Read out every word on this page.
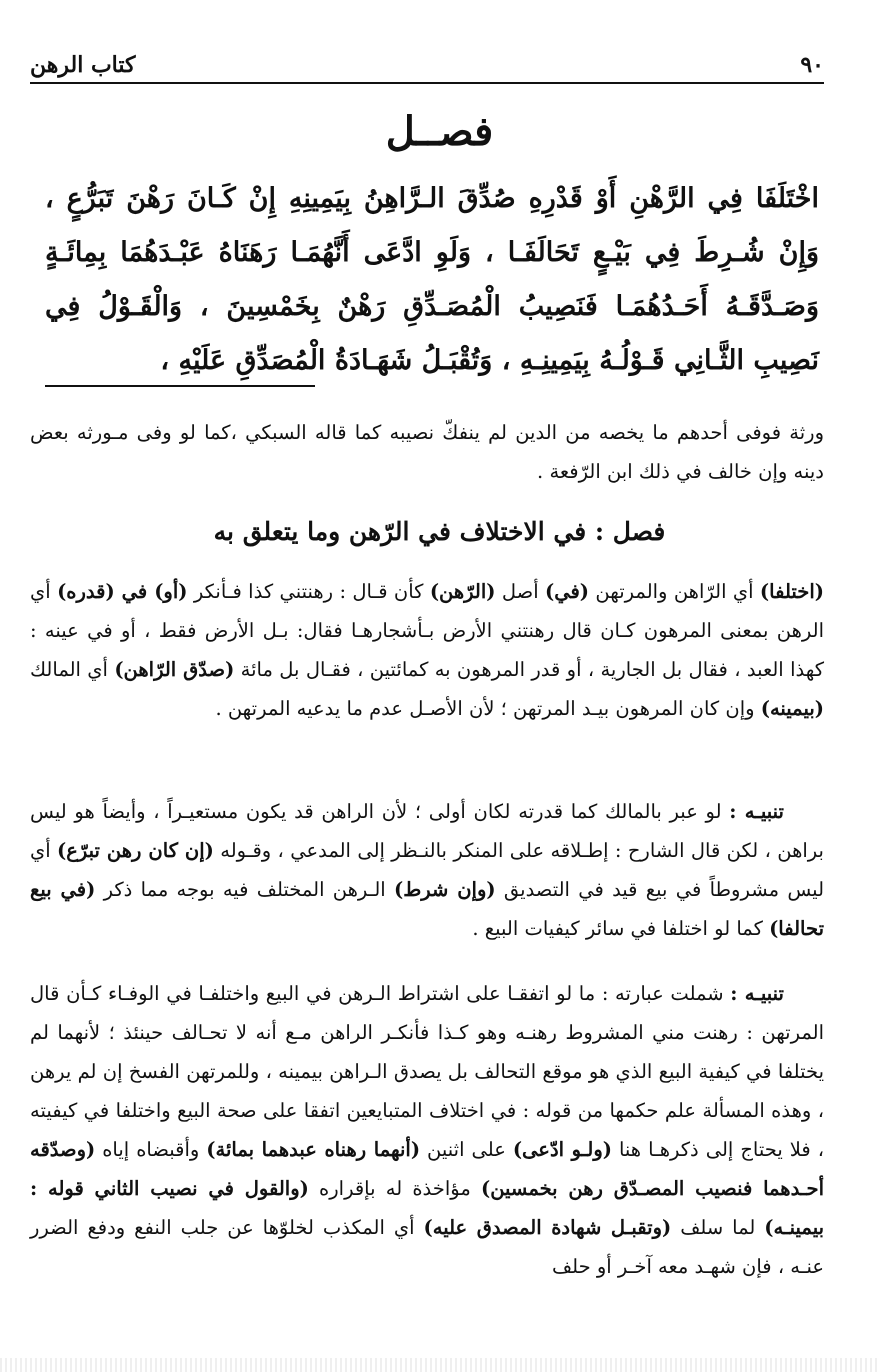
٩٠
كتاب الرهن
فصــل
اخْتَلَفَا فِي الرَّهْنِ أَوْ قَدْرِهِ صُدِّقَ الـرَّاهِنُ بِيَمِينِهِ إِنْ كَـانَ رَهْنَ تَبَرُّعٍ ، وَإِنْ شُـرِطَ فِي بَيْـعٍ تَحَالَفَـا ، وَلَوِ ادَّعَى أَنَّهُمَـا رَهَنَاهُ عَبْـدَهُمَا بِمِائَـةٍ وَصَـدَّقَـهُ أَحَـدُهُمَـا فَنَصِيبُ الْمُصَـدِّقِ رَهْنٌ بِخَمْسِينَ ، وَالْقَـوْلُ فِي نَصِيبِ الثَّـانِي قَـوْلُـهُ بِيَمِينِـهِ ، وَتُقْبَـلُ شَهَـادَةُ الْمُصَدِّقِ عَلَيْهِ ،

ورثة فوفى أحدهم ما يخصه من الدين لم ينفكّ نصيبه كما قاله السبكي ،كما لو وفى مـورثه بعض دينه وإن خالف في ذلك ابن الرّفعة .

فصل : في الاختلاف في الرّهن وما يتعلق به

(اختلفا) أي الرّاهن والمرتهن (في) أصل (الرّهن) كأن قـال : رهنتني كذا فـأنكر (أو) في (قدره) أي الرهن بمعنى المرهون كـان قال رهنتني الأرض بـأشجارهـا فقال: بـل الأرض فقط ، أو في عينه : كهذا العبد ، فقال بل الجارية ، أو قدر المرهون به كمائتين ، فقـال بل مائة (صدّق الرّاهن) أي المالك (بيمينه) وإن كان المرهون بيـد المرتهن ؛ لأن الأصـل عدم ما يدعيه المرتهن .

تنبيـه : لو عبر بالمالك كما قدرته لكان أولى ؛ لأن الراهن قد يكون مستعيـراً ، وأيضاً هو ليس براهن ، لكن قال الشارح : إطـلاقه على المنكر بالنـظر إلى المدعي ، وقـوله (إن كان رهن تبرّع) أي ليس مشروطاً في بيع قيد في التصديق (وإن شرط) الـرهن المختلف فيه بوجه مما ذكر (في بيع تحالفا) كما لو اختلفا في سائر كيفيات البيع .

تنبيـه : شملت عبارته : ما لو اتفقـا على اشتراط الـرهن في البيع واختلفـا في الوفـاء كـأن قال المرتهن : رهنت مني المشروط رهنـه وهو كـذا فأنكـر الراهن مـع أنه لا تحـالف حينئذ ؛ لأنهما لم يختلفا في كيفية البيع الذي هو موقع التحالف بل يصدق الـراهن بيمينه ، وللمرتهن الفسخ إن لم يرهن ، وهذه المسألة علم حكمها من قوله : في اختلاف المتبايعين اتفقا على صحة البيع واختلفا في كيفيته ، فلا يحتاج إلى ذكرهـا هنا (ولـو ادّعى) على اثنين (أنهما رهناه عبدهما بمائة) وأقبضاه إياه (وصدّقه أحـدهما فنصيب المصـدّق رهن بخمسين) مؤاخذة له بإقراره (والقول في نصيب الثاني قوله : بيمينـه) لما سلف (وتقبـل شهادة المصدق عليه) أي المكذب لخلوّها عن جلب النفع ودفع الضرر عنـه ، فإن شهـد معه آخـر أو حلف
